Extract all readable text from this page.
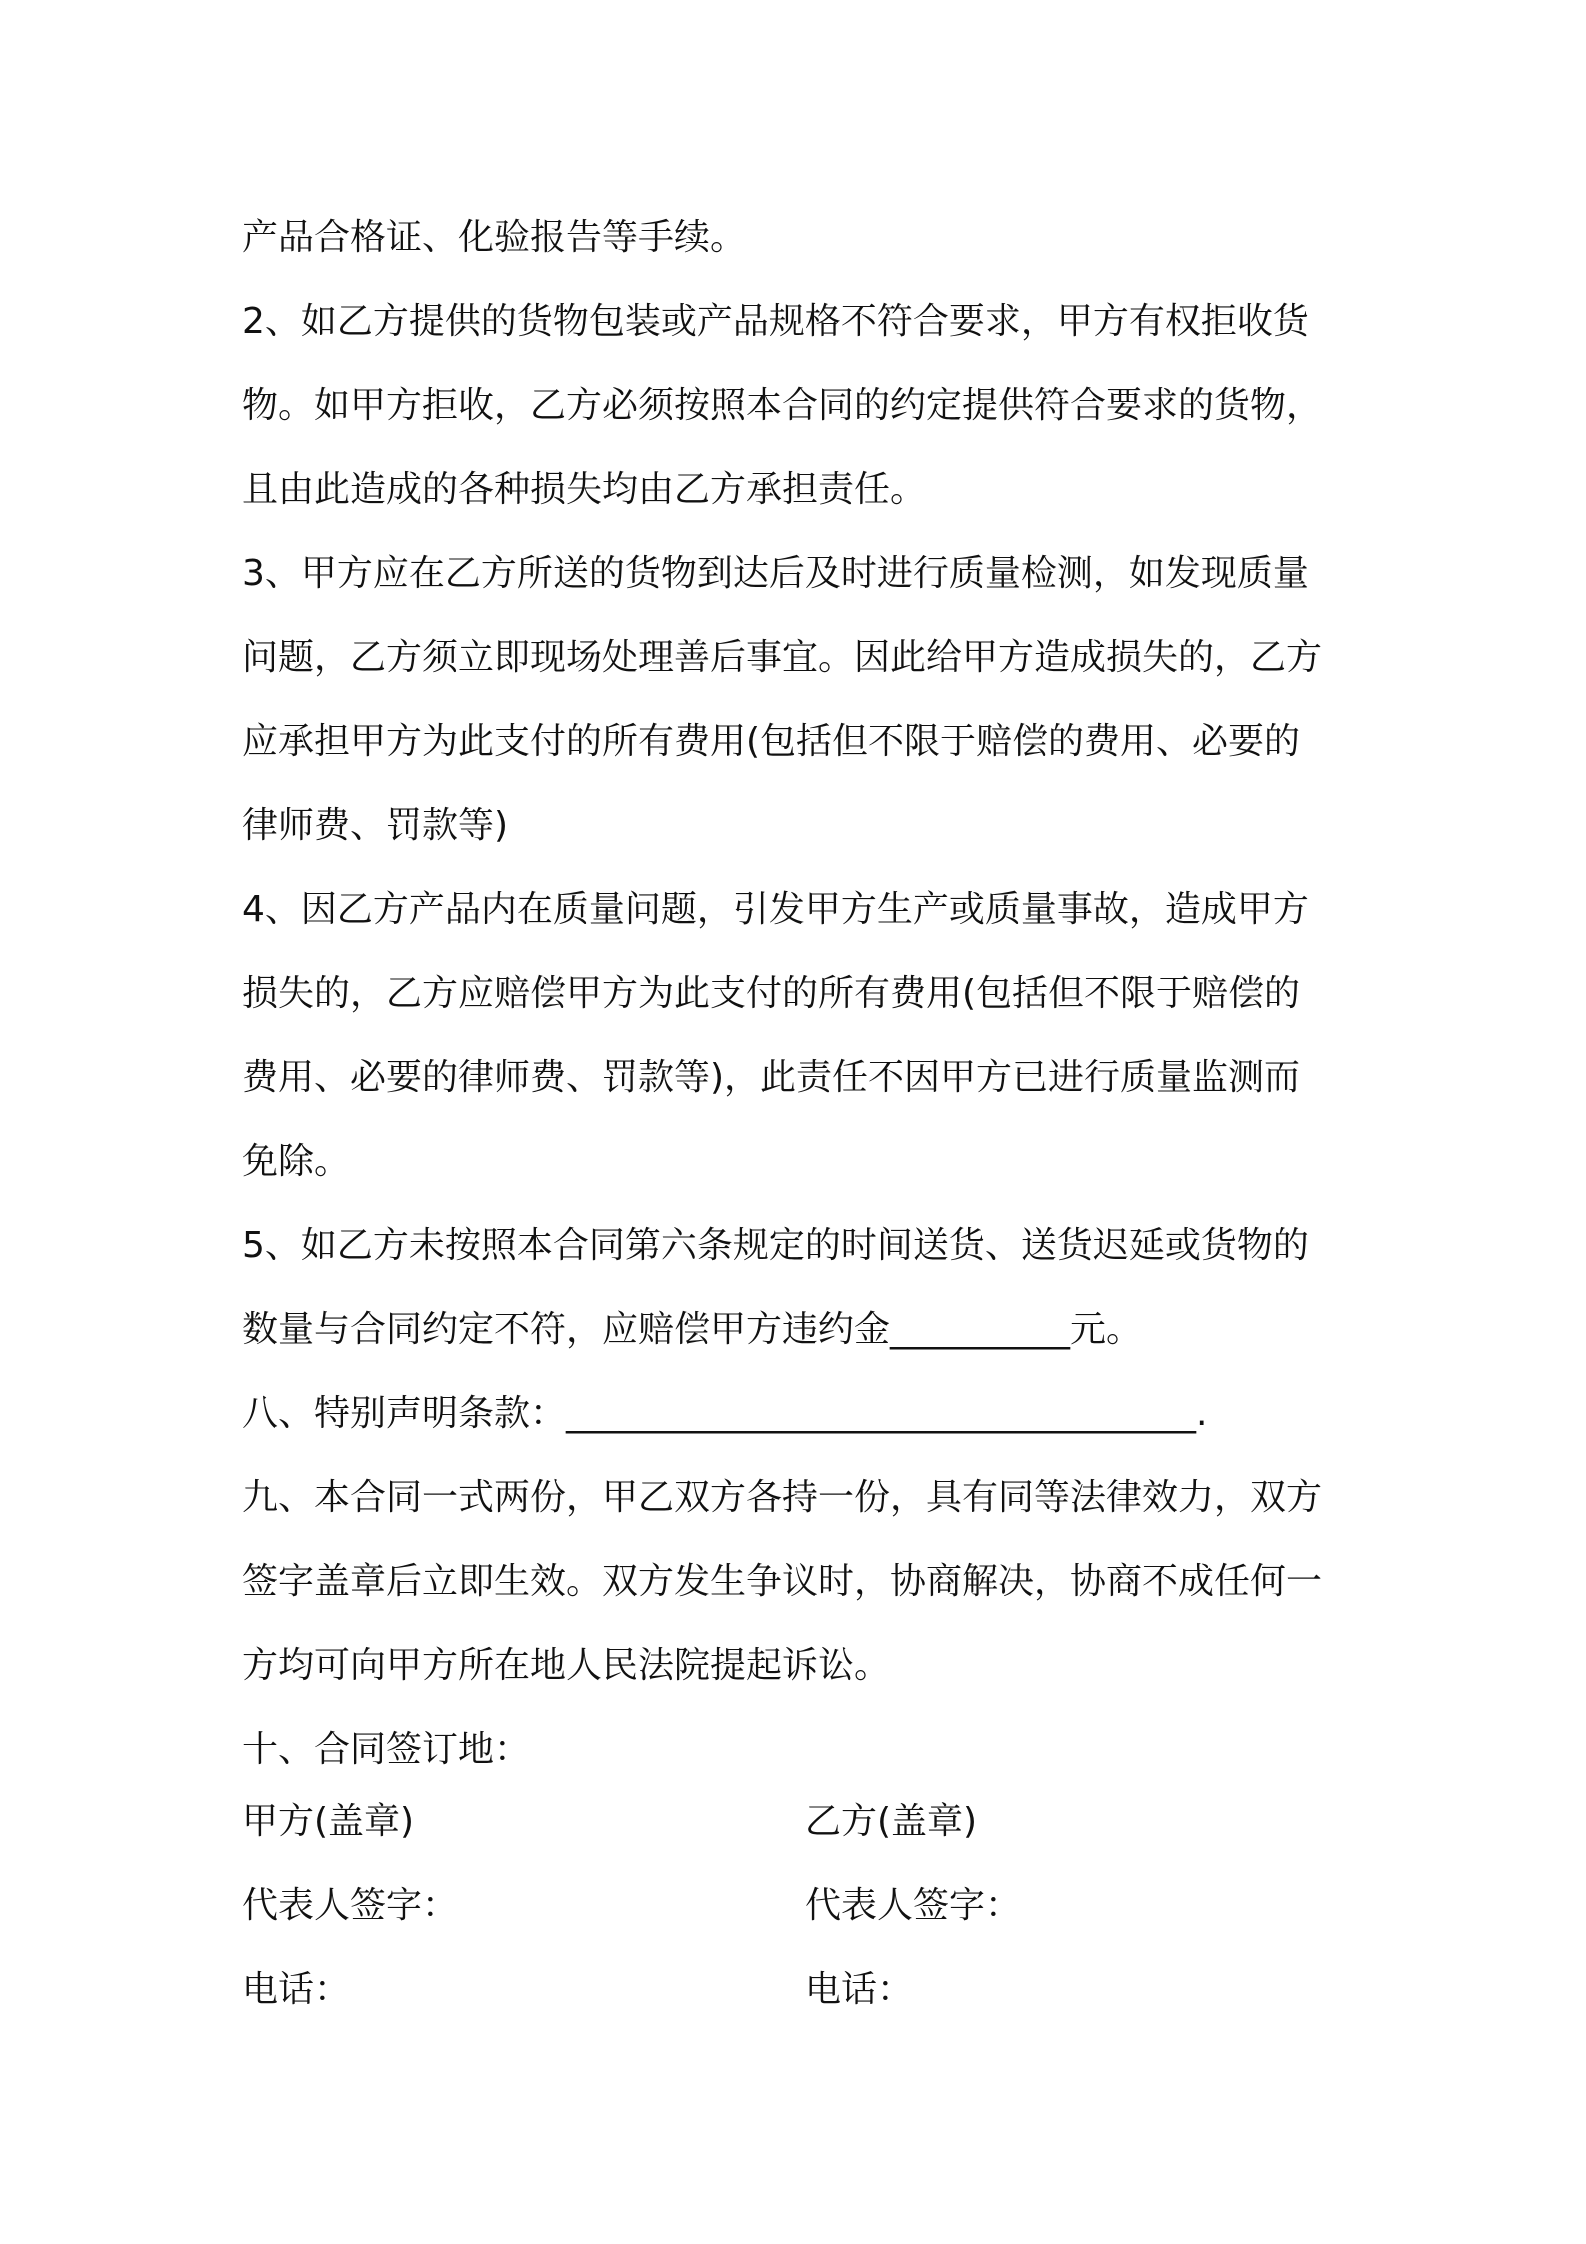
产品合格证、化验报告等手续。
2、如乙方提供的货物包装或产品规格不符合要求，甲方有权拒收货
物。如甲方拒收，乙方必须按照本合同的约定提供符合要求的货物，
且由此造成的各种损失均由乙方承担责任。
3、甲方应在乙方所送的货物到达后及时进行质量检测，如发现质量
问题，乙方须立即现场处理善后事宜。因此给甲方造成损失的，乙方
应承担甲方为此支付的所有费用(包括但不限于赔偿的费用、必要的
律师费、罚款等)
4、因乙方产品内在质量问题，引发甲方生产或质量事故，造成甲方
损失的，乙方应赔偿甲方为此支付的所有费用(包括但不限于赔偿的
费用、必要的律师费、罚款等)，此责任不因甲方已进行质量监测而
免除。
5、如乙方未按照本合同第六条规定的时间送货、送货迟延或货物的
数量与合同约定不符，应赔偿甲方违约金__________元。
八、特别声明条款：___________________________________.
九、本合同一式两份，甲乙双方各持一份，具有同等法律效力，双方
签字盖章后立即生效。双方发生争议时，协商解决，协商不成任何一
方均可向甲方所在地人民法院提起诉讼。
十、合同签订地：
甲方(盖章)	乙方(盖章)
代表人签字：	代表人签字：
电话：	电话：
